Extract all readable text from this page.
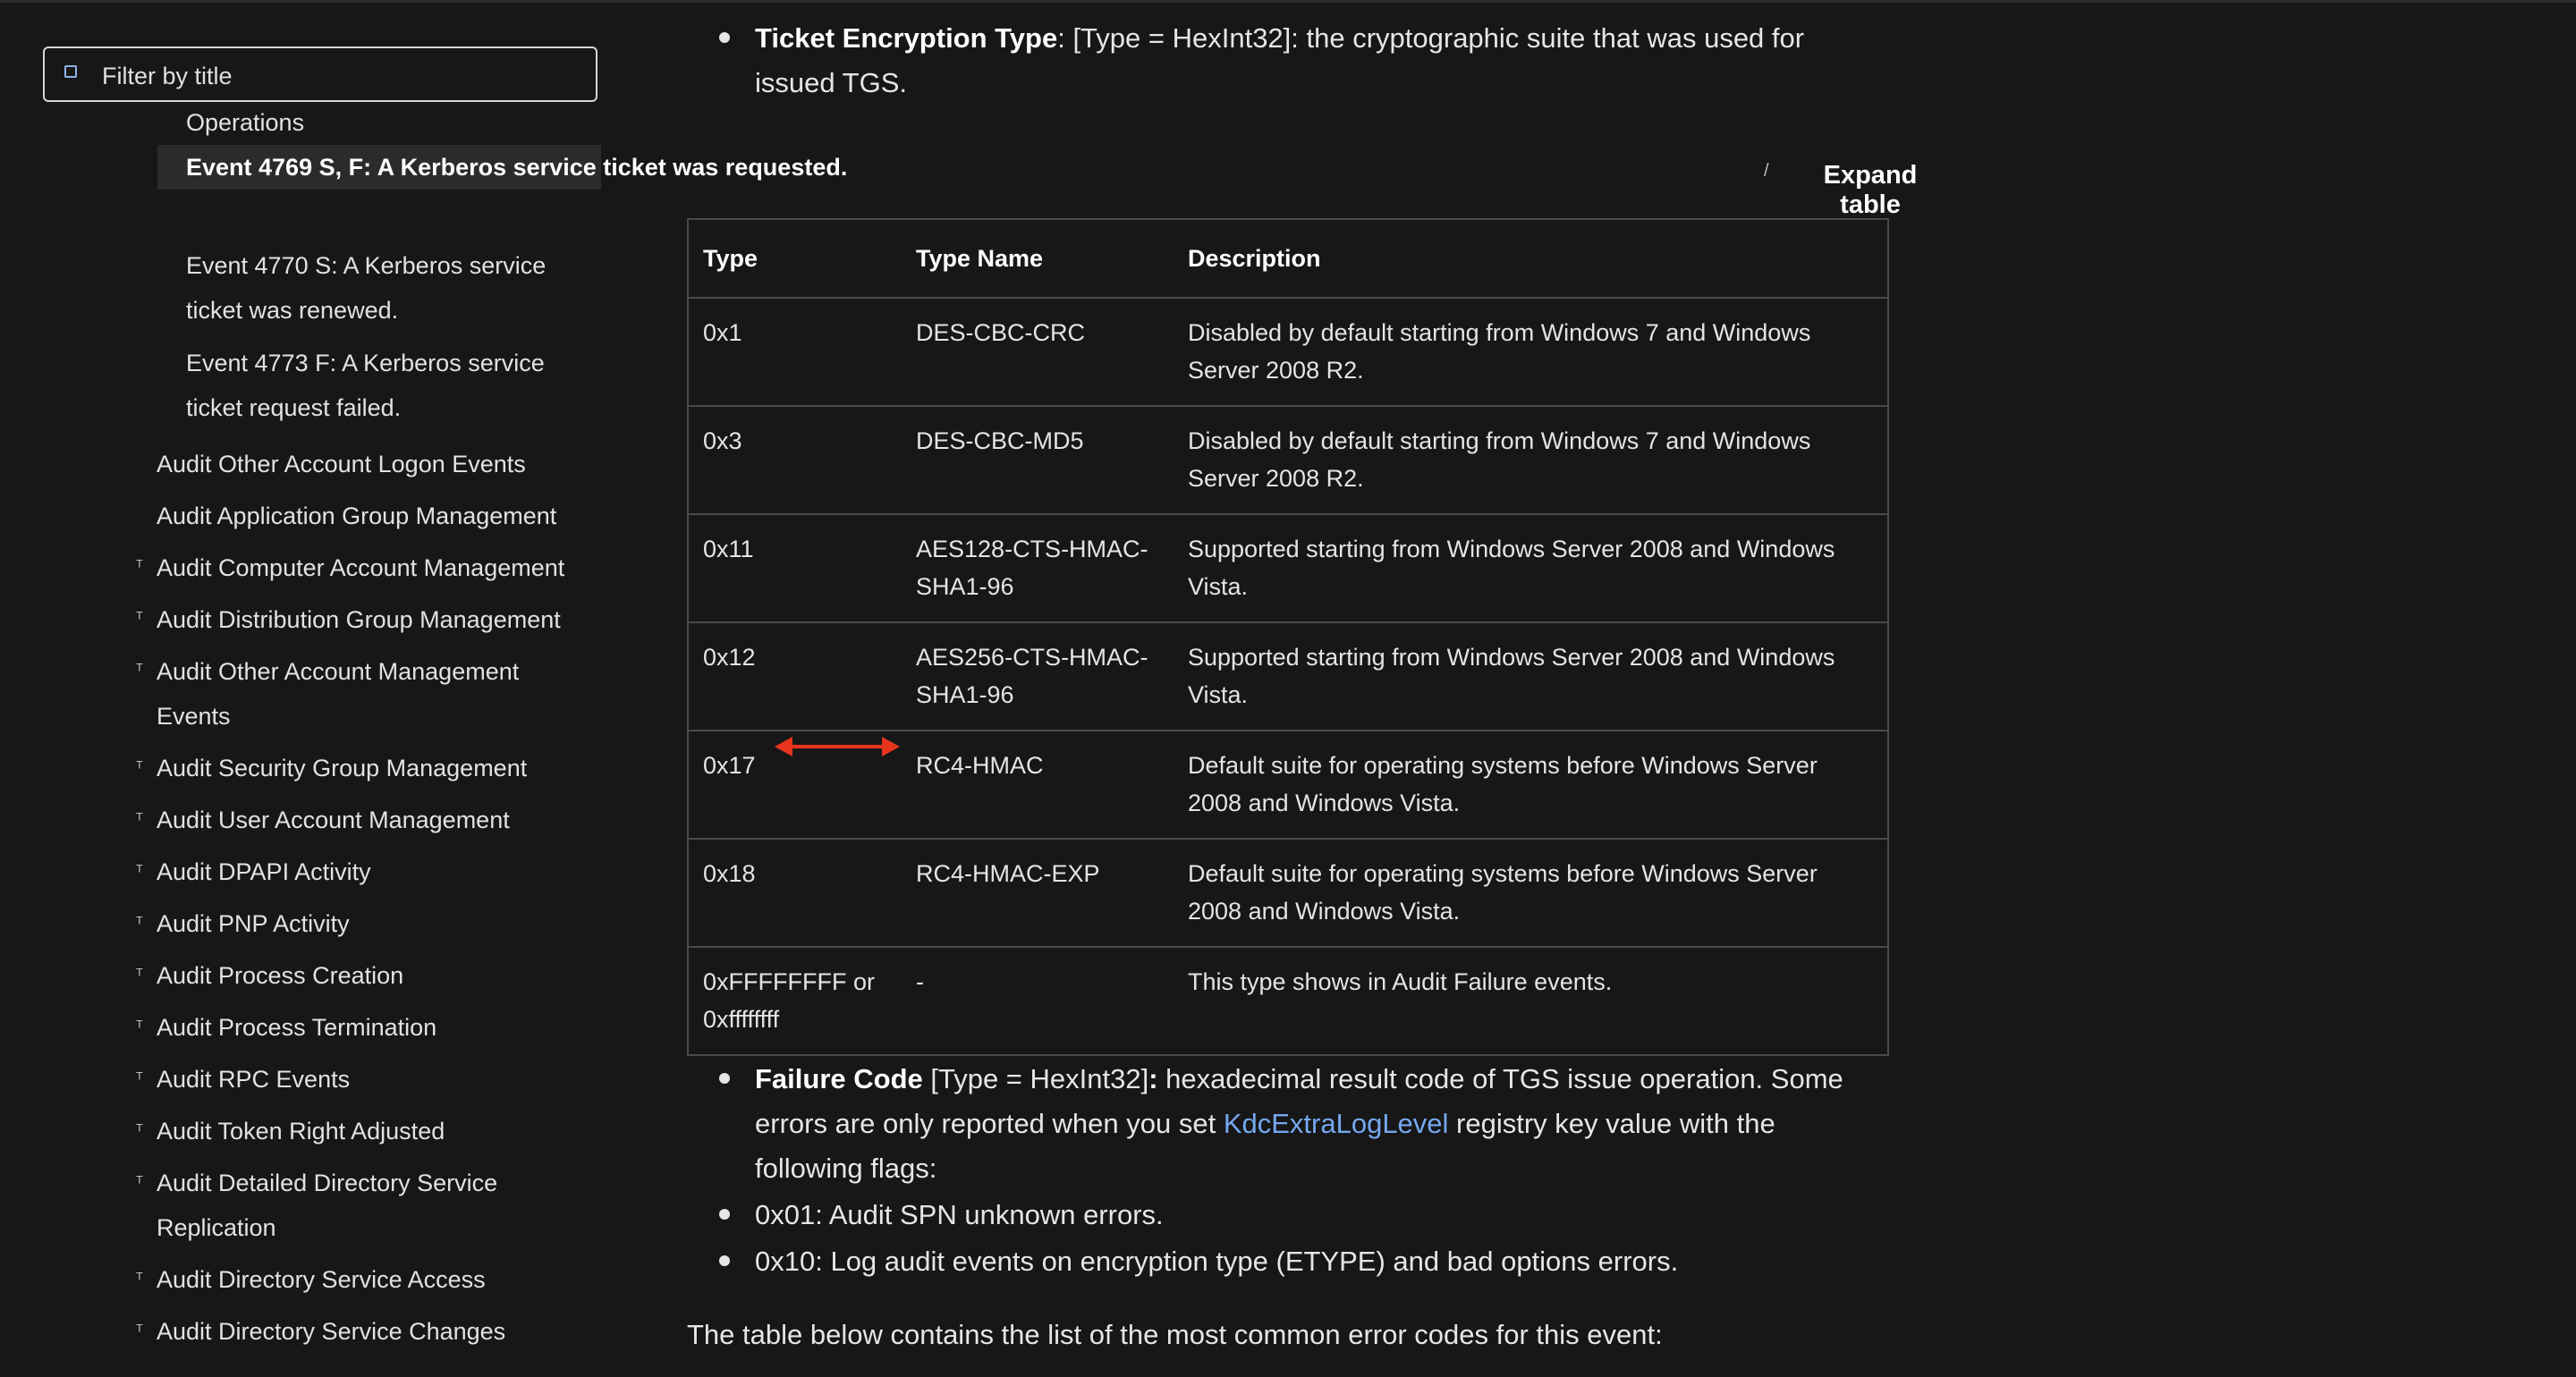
Operations
Event 4769 S, F: A Kerberos service ticket was requested.
Event 4770 S: A Kerberos service ticket was renewed.
Event 4773 F: A Kerberos service ticket request failed.
Audit Other Account Logon Events
Audit Application Group Management
ᵀ Audit Computer Account Management
ᵀ Audit Distribution Group Management
ᵀ Audit Other Account Management Events
ᵀ Audit Security Group Management
ᵀ Audit User Account Management
ᵀ Audit DPAPI Activity
ᵀ Audit PNP Activity
ᵀ Audit Process Creation
ᵀ Audit Process Termination
ᵀ Audit RPC Events
ᵀ Audit Token Right Adjusted
ᵀ Audit Detailed Directory Service Replication
ᵀ Audit Directory Service Access
ᵀ Audit Directory Service Changes
Filter by title
Ticket Encryption Type: [Type = HexInt32]: the cryptographic suite that was used for issued TGS.
/	Expand table
Type	Type Name	Description
0x1	DES-CBC-CRC	Disabled by default starting from Windows 7 and Windows Server 2008 R2.
0x3	DES-CBC-MD5	Disabled by default starting from Windows 7 and Windows Server 2008 R2.
0x11	AES128-CTS-HMAC-SHA1-96	Supported starting from Windows Server 2008 and Windows Vista.
0x12	AES256-CTS-HMAC-SHA1-96	Supported starting from Windows Server 2008 and Windows Vista.
0x17	RC4-HMAC	Default suite for operating systems before Windows Server 2008 and Windows Vista.
0x18	RC4-HMAC-EXP	Default suite for operating systems before Windows Server 2008 and Windows Vista.
0xFFFFFFFF or 0xffffffff	-	This type shows in Audit Failure events.
Failure Code [Type = HexInt32]: hexadecimal result code of TGS issue operation. Some errors are only reported when you set KdcExtraLogLevel registry key value with the following flags:
0x01: Audit SPN unknown errors.
0x10: Log audit events on encryption type (ETYPE) and bad options errors.
The table below contains the list of the most common error codes for this event:
